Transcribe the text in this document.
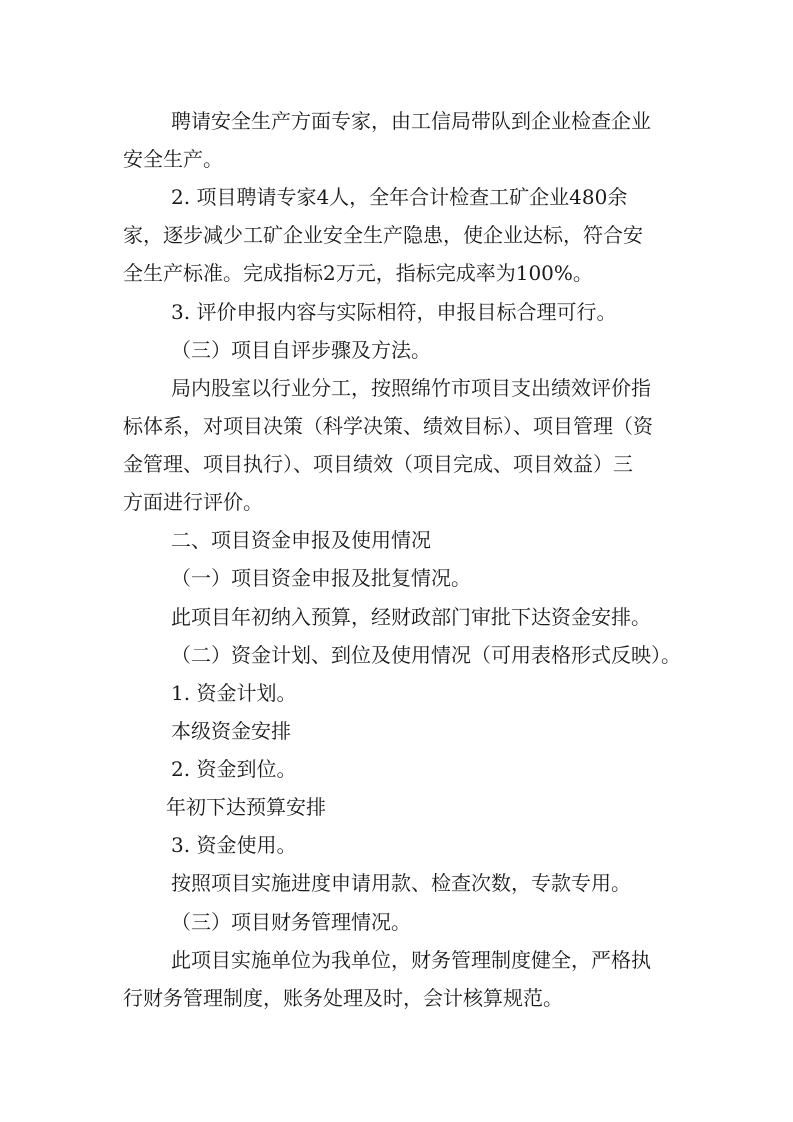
聘请安全生产方面专家，由工信局带队到企业检查企业

安全生产。

2. 项目聘请专家4人，全年合计检查工矿企业480余

家，逐步减少工矿企业安全生产隐患，使企业达标，符合安

全生产标准。完成指标2万元，指标完成率为100%。

3. 评价申报内容与实际相符，申报目标合理可行。

（三）项目自评步骤及方法。

局内股室以行业分工，按照绵竹市项目支出绩效评价指

标体系，对项目决策（科学决策、绩效目标）、项目管理（资

金管理、项目执行）、项目绩效（项目完成、项目效益）三

方面进行评价。

二、项目资金申报及使用情况

（一）项目资金申报及批复情况。

此项目年初纳入预算，经财政部门审批下达资金安排。

（二）资金计划、到位及使用情况（可用表格形式反映）。

1. 资金计划。

本级资金安排

2. 资金到位。

年初下达预算安排

3. 资金使用。

按照项目实施进度申请用款、检查次数，专款专用。

（三）项目财务管理情况。

此项目实施单位为我单位，财务管理制度健全，严格执

行财务管理制度，账务处理及时，会计核算规范。
